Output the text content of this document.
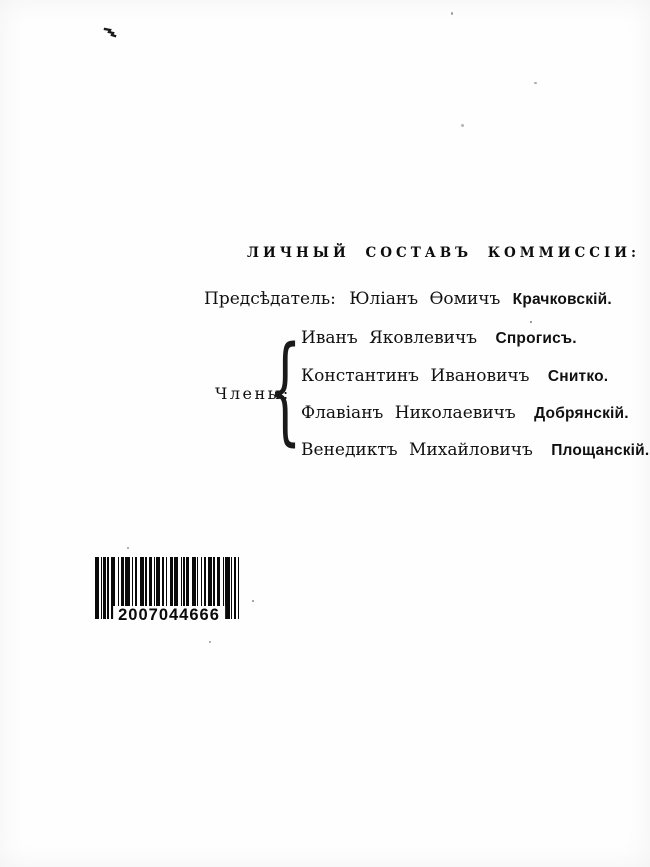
ЛИЧНЫЙ СОСТАВЪ КОММИССІИ:
Предсѣдатель: Юліанъ Ѳомичъ Крачковскій.
Члены:
{ Иванъ Яковлевичъ Спрогисъ.
Константинъ Ивановичъ Снитко.
Флавіанъ Николаевичъ Добрянскій.
Венедиктъ Михайловичъ Площанскій.
2007044666
